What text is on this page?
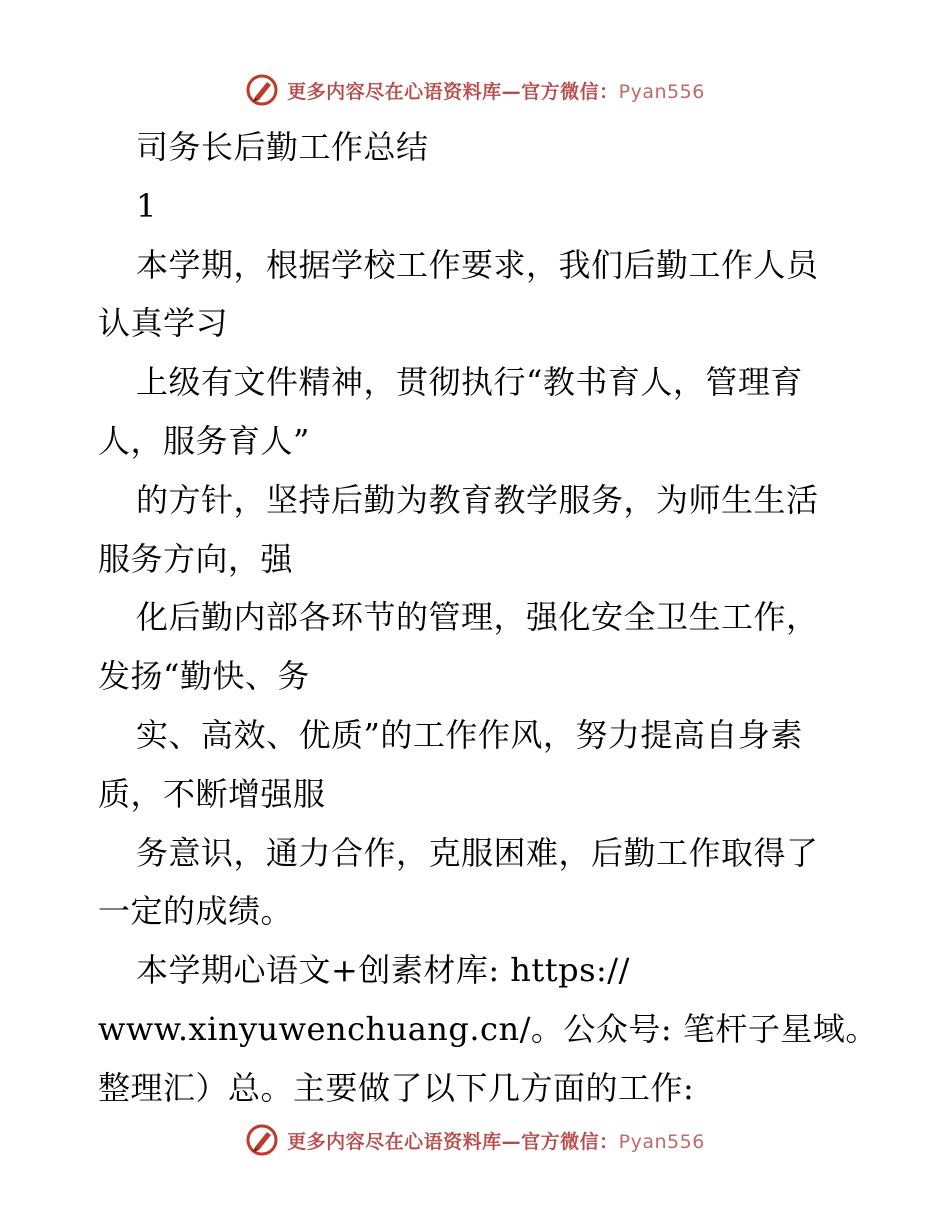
更多内容尽在心语资料库—官方微信：Pyan556
司务长后勤工作总结
1
本学期，根据学校工作要求，我们后勤工作人员
认真学习
上级有文件精神，贯彻执行“教书育人，管理育
人，服务育人”
的方针，坚持后勤为教育教学服务，为师生生活
服务方向，强
化后勤内部各环节的管理，强化安全卫生工作，
发扬“勤快、务
实、高效、优质”的工作作风，努力提高自身素
质，不断增强服
务意识，通力合作，克服困难，后勤工作取得了
一定的成绩。
本学期心语文+创素材库: https://
www.xinyuwenchuang.cn/。公众号: 笔杆子星域。
整理汇）总。主要做了以下几方面的工作:
更多内容尽在心语资料库—官方微信：Pyan556
